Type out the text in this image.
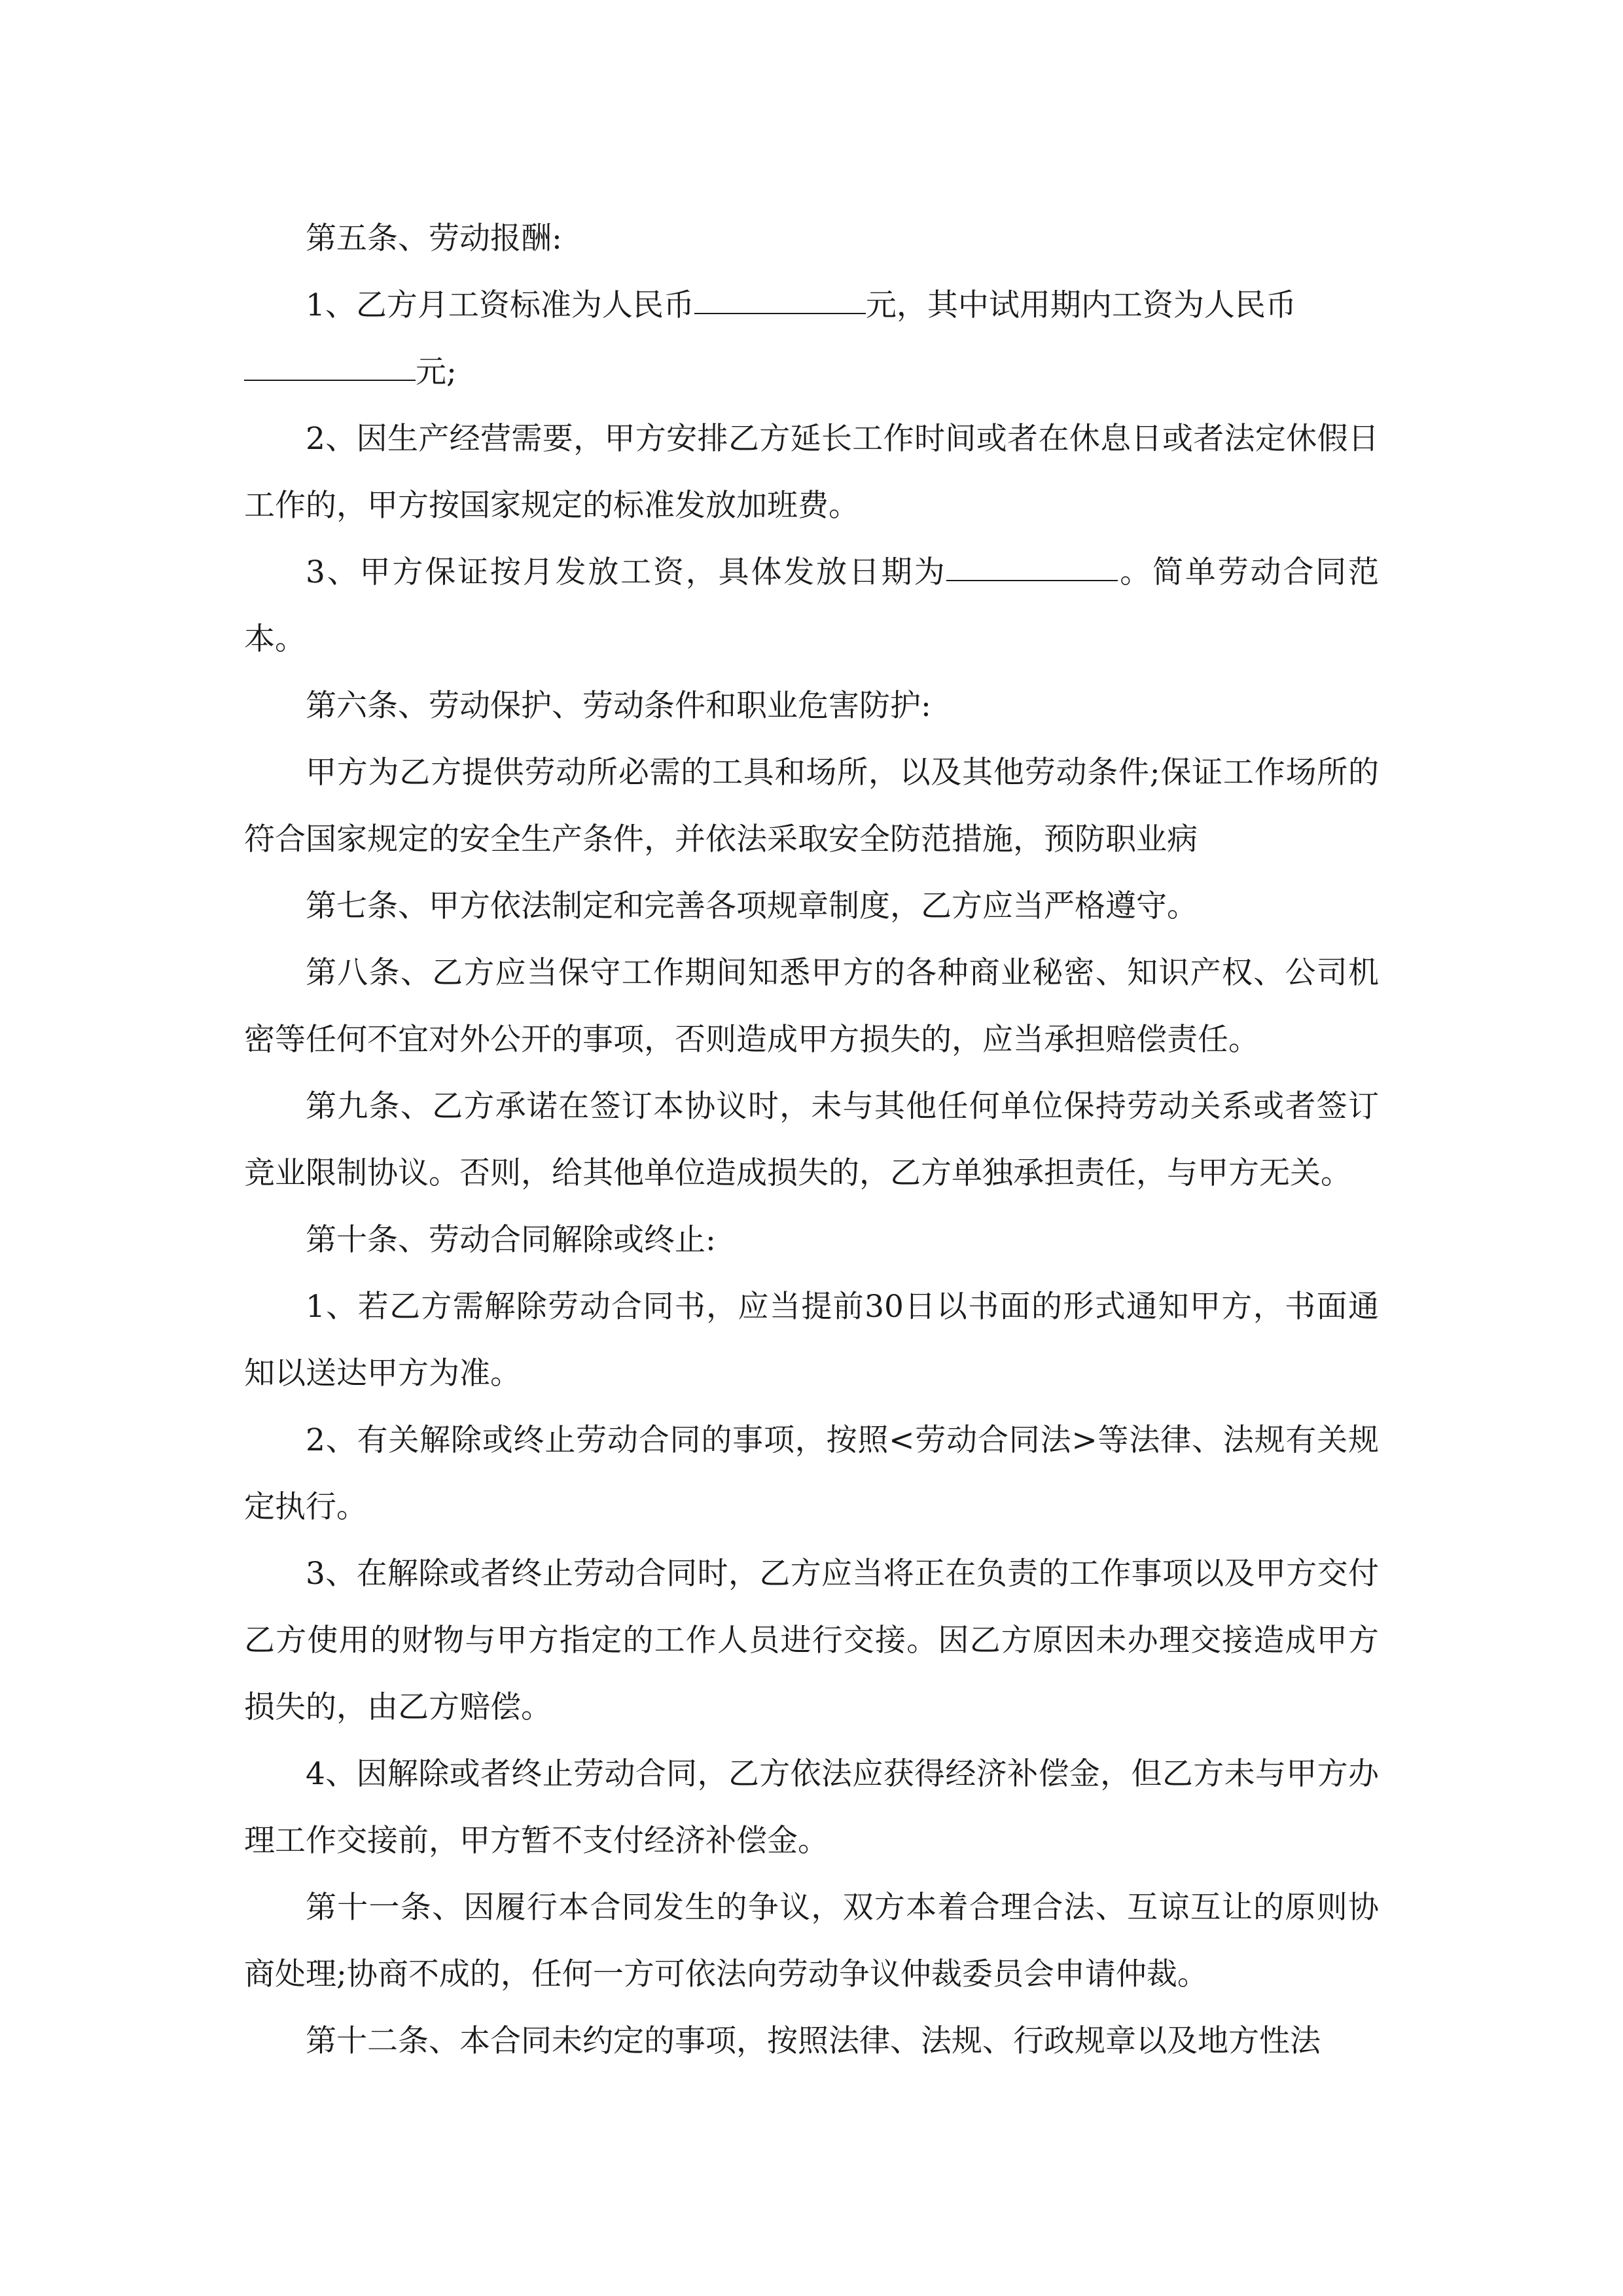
第五条、劳动报酬:

1、乙方月工资标准为人民币	元，其中试用期内工资为人民币
元;

2、因生产经营需要，甲方安排乙方延长工作时间或者在休息日或者法定休假日工作的，甲方按国家规定的标准发放加班费。

3、甲方保证按月发放工资，具体发放日期为	。简单劳动合同范本。

第六条、劳动保护、劳动条件和职业危害防护:

甲方为乙方提供劳动所必需的工具和场所，以及其他劳动条件;保证工作场所的符合国家规定的安全生产条件，并依法采取安全防范措施，预防职业病

第七条、甲方依法制定和完善各项规章制度，乙方应当严格遵守。

第八条、乙方应当保守工作期间知悉甲方的各种商业秘密、知识产权、公司机密等任何不宜对外公开的事项，否则造成甲方损失的，应当承担赔偿责任。

第九条、乙方承诺在签订本协议时，未与其他任何单位保持劳动关系或者签订竞业限制协议。否则，给其他单位造成损失的，乙方单独承担责任，与甲方无关。

第十条、劳动合同解除或终止:

1、若乙方需解除劳动合同书，应当提前30日以书面的形式通知甲方，书面通知以送达甲方为准。

2、有关解除或终止劳动合同的事项，按照<劳动合同法>等法律、法规有关规定执行。

3、在解除或者终止劳动合同时，乙方应当将正在负责的工作事项以及甲方交付乙方使用的财物与甲方指定的工作人员进行交接。因乙方原因未办理交接造成甲方损失的，由乙方赔偿。

4、因解除或者终止劳动合同，乙方依法应获得经济补偿金，但乙方未与甲方办理工作交接前，甲方暂不支付经济补偿金。

第十一条、因履行本合同发生的争议，双方本着合理合法、互谅互让的原则协商处理;协商不成的，任何一方可依法向劳动争议仲裁委员会申请仲裁。

第十二条、本合同未约定的事项，按照法律、法规、行政规章以及地方性法
